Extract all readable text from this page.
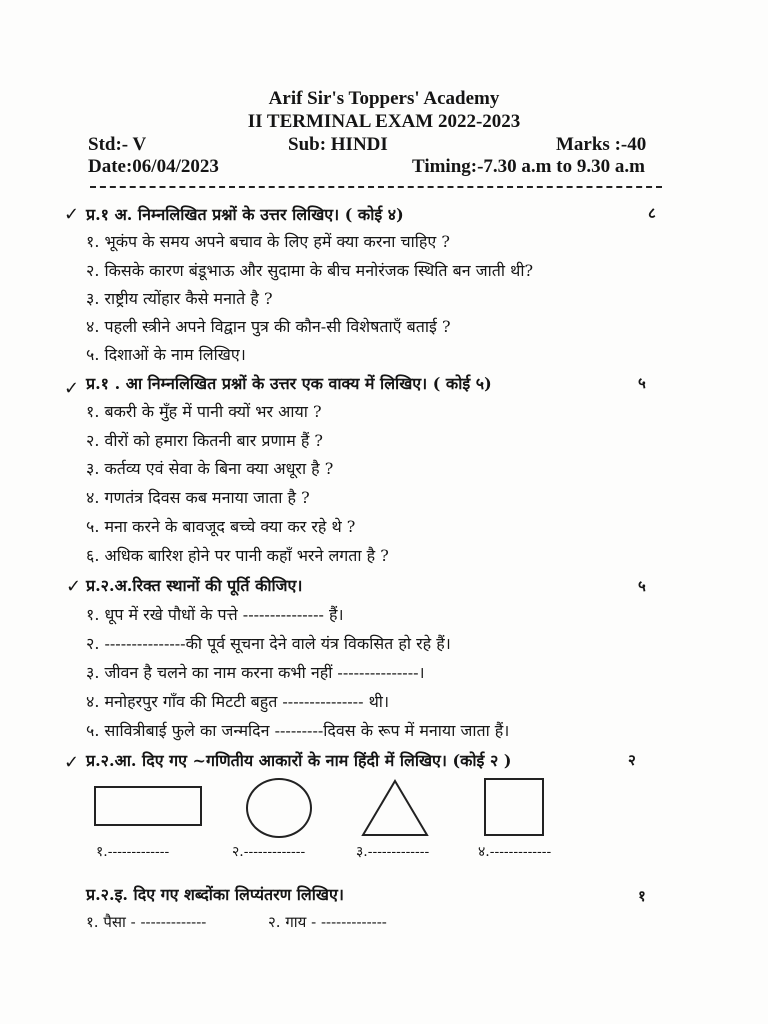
Arif Sir's Toppers' Academy
II TERMINAL EXAM 2022-2023
Std:- V	Sub: HINDI	Marks :-40
Date:06/04/2023	Timing:-7.30 a.m to 9.30 a.m
✓ प्र.१ अ. निम्नलिखित प्रश्नों के उत्तर लिखिए। ( कोई ४)	८
१. भूकंप के समय अपने बचाव के लिए हमें क्या करना चाहिए ?
२. किसके कारण बंडूभाऊ और सुदामा के बीच मनोरंजक स्थिति बन जाती थी?
३. राष्ट्रीय त्योंहार कैसे मनाते है ?
४. पहली स्त्रीने अपने विद्वान पुत्र की कौन-सी विशेषताएँ बताई ?
५. दिशाओं के नाम लिखिए।
✓ प्र.१ . आ निम्नलिखित प्रश्नों के उत्तर एक वाक्य में लिखिए। ( कोई ५)	५
१. बकरी के मुँह में पानी क्यों भर आया ?
२. वीरों को हमारा कितनी बार प्रणाम हैं ?
३. कर्तव्य एवं सेवा के बिना क्या अधूरा है ?
४. गणतंत्र दिवस कब मनाया जाता है ?
५. मना करने के बावजूद बच्चे क्या कर रहे थे ?
६. अधिक बारिश होने पर पानी कहाँ भरने लगता है ?
✓ प्र.२.अ.रिक्त स्थानों की पूर्ति कीजिए।	५
१. धूप में रखे पौधों के पत्ते --------------- हैं।
२. ---------------की पूर्व सूचना देने वाले यंत्र विकसित हो रहे हैं।
३. जीवन है चलने का नाम करना कभी नहीं ---------------।
४. मनोहरपुर गाँव की मिटटी बहुत --------------- थी।
५. सावित्रीबाई फुले का जन्मदिन ---------दिवस के रूप में मनाया जाता हैं।
✓ प्र.२.आ. दिए गए ~गणितीय आकारों के नाम हिंदी में लिखिए। (कोई २ )	२
१.-------------	२.-------------	३.-------------	४.-------------
प्र.२.इ. दिए गए शब्दोंका लिप्यंतरण लिखिए।	१
१. पैसा - -------------	२. गाय - -------------
